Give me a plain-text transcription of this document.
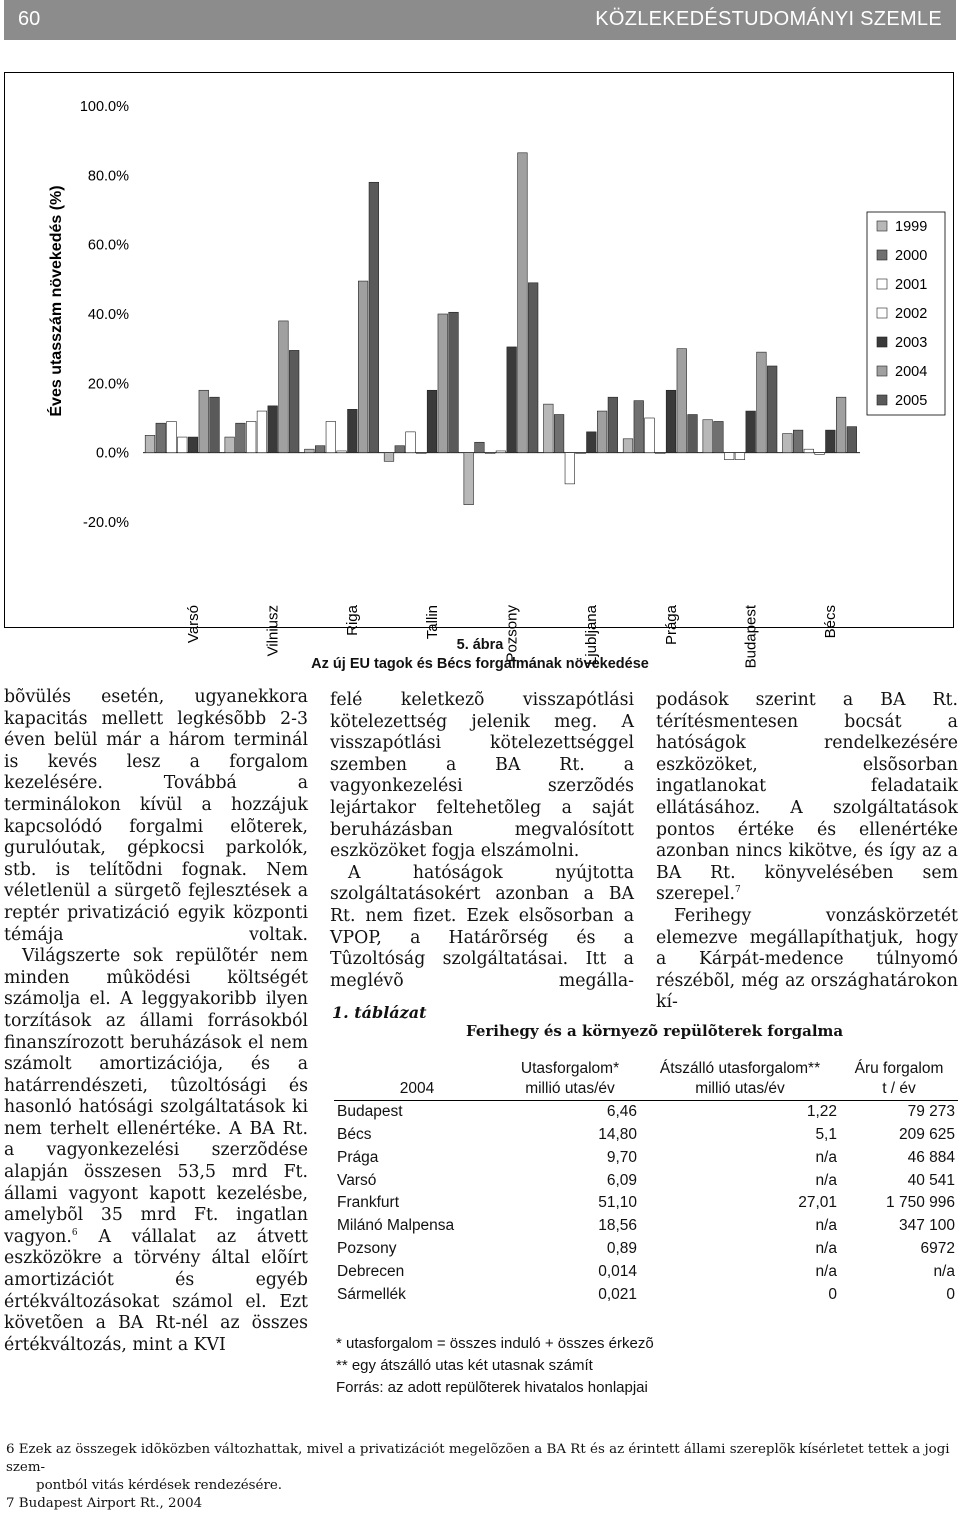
60	KÖZLEKEDÉSTUDOMÁNYI SZEMLE
100.0%
80.0%
60.0%
40.0%
20.0%
0.0%
-20.0%
Éves utasszám növekedés (%)
Varsó	Vilniusz	Riga	Tallin	Pozsony	Ljubljana	Prága	Budapest	Bécs
1999
2000
2001
2002
2003
2004
2005
5. ábra
Az új EU tagok és Bécs forgalmának növekedése

bõvülés esetén, ugyanekkora kapacitás mellett legkésõbb 2-3 éven belül már a három terminál is kevés lesz a forgalom kezelésére. Továbbá a terminálokon kívül a hozzájuk kapcsolódó forgalmi elõterek, gurulóutak, gépkocsi parkolók, stb. is telítõdni fognak. Nem véletlenül a sürgetõ fejlesztések a reptér privatizáció egyik központi témája voltak.

Világszerte sok repülõtér nem minden mûködési költségét számolja el. A leggyakoribb ilyen torzítások az állami forrásokból finanszírozott beruházások el nem számolt amortizációja, és a határrendészeti, tûzoltósági és hasonló hatósági szolgáltatások ki nem terhelt ellenértéke. A BA Rt. a vagyonkezelési szerzõdése alapján összesen 53,5 mrd Ft. állami vagyont kapott kezelésbe, amelybõl 35 mrd Ft. ingatlan vagyon.$^6$ A vállalat az átvett eszközökre a törvény által elõírt amortizációt és egyéb értékváltozásokat számol el. Ezt követõen a BA Rt-nél az összes értékváltozás, mint a KVI

felé keletkezõ visszapótlási kötelezettség jelenik meg. A visszapótlási kötelezettséggel szemben a BA Rt. a vagyonkezelési szerzõdés lejártakor feltehetõleg a saját beruházásban megvalósított eszközöket fogja elszámolni.

A hatóságok nyújtotta szolgáltatásokért azonban a BA Rt. nem fizet. Ezek elsõsorban a VPOP, a Határõrség és a Tûzoltóság szolgáltatásai. Itt a meglévõ megálla-

podások szerint a BA Rt. térítésmentesen bocsát a hatóságok rendelkezésére eszközöket, elsõsorban ingatlanokat feladataik ellátásához. A szolgáltatások pontos értéke és ellenértéke azonban nincs kikötve, és így az a BA Rt. könyvelésében sem szerepel.$^7$

Ferihegy vonzáskörzetét elemezve megállapíthatjuk, hogy a Kárpát-medence túlnyomó részébõl, még az országhatárokon kí-

1. táblázat
Ferihegy és a környezõ repülõterek forgalma
	Utasforgalom*	Átszálló utasforgalom**	Áru forgalom
2004	millió utas/év	millió utas/év	t / év
Budapest	6,46	1,22	79 273
Bécs	14,80	5,1	209 625
Prága	9,70	n/a	46 884
Varsó	6,09	n/a	40 541
Frankfurt	51,10	27,01	1 750 996
Milánó Malpensa	18,56	n/a	347 100
Pozsony	0,89	n/a	6972
Debrecen	0,014	n/a	n/a
Sármellék	0,021	0	0
* utasforgalom = összes induló + összes érkezõ
** egy átszálló utas két utasnak számít
Forrás: az adott repülõterek hivatalos honlapjai
6 Ezek az összegek idõközben változhattak, mivel a privatizációt megelõzõen a BA Rt és az érintett állami szereplõk kísérletet tettek a jogi szem-
pontból vitás kérdések rendezésére.
7 Budapest Airport Rt., 2004
